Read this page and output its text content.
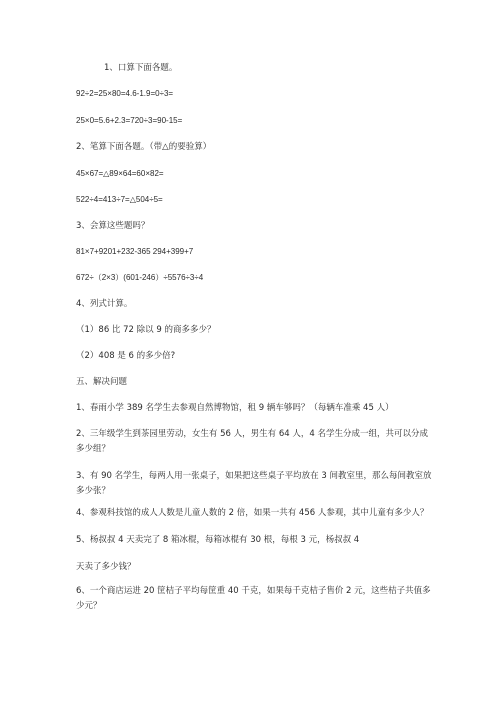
1、口算下面各题。
92÷2=25×80=4.6-1.9=0÷3=
25×0=5.6+2.3=720÷3=90-15=
2、笔算下面各题。（带△的要验算）
45×67=△89×64=60×82=
522÷4=413÷7=△504÷5=
3、会算这些题吗？
81×7+9201+232-365 294+399+7
672÷（2×3）(601-246）÷5576÷3÷4
4、列式计算。
（1）86 比 72 除以 9 的商多多少？
（2）408 是 6 的多少倍?
五、解决问题
1、春雨小学 389 名学生去参观自然博物馆，租 9 辆车够吗？（每辆车准乘 45 人）
2、三年级学生到茶园里劳动，女生有 56 人，男生有 64 人，4 名学生分成一组，共可以分成多少组？
3、有 90 名学生，每两人用一张桌子，如果把这些桌子平均放在 3 间教室里，那么每间教室放多少张？
4、参观科技馆的成人人数是儿童人数的 2 倍，如果一共有 456 人参观，其中儿童有多少人？
5、杨叔叔 4 天卖完了 8 箱冰棍，每箱冰棍有 30 根，每根 3 元，杨叔叔 4
天卖了多少钱？
6、一个商店运进 20 筐桔子平均每筐重 40 千克，如果每千克桔子售价 2 元，这些桔子共值多少元？
